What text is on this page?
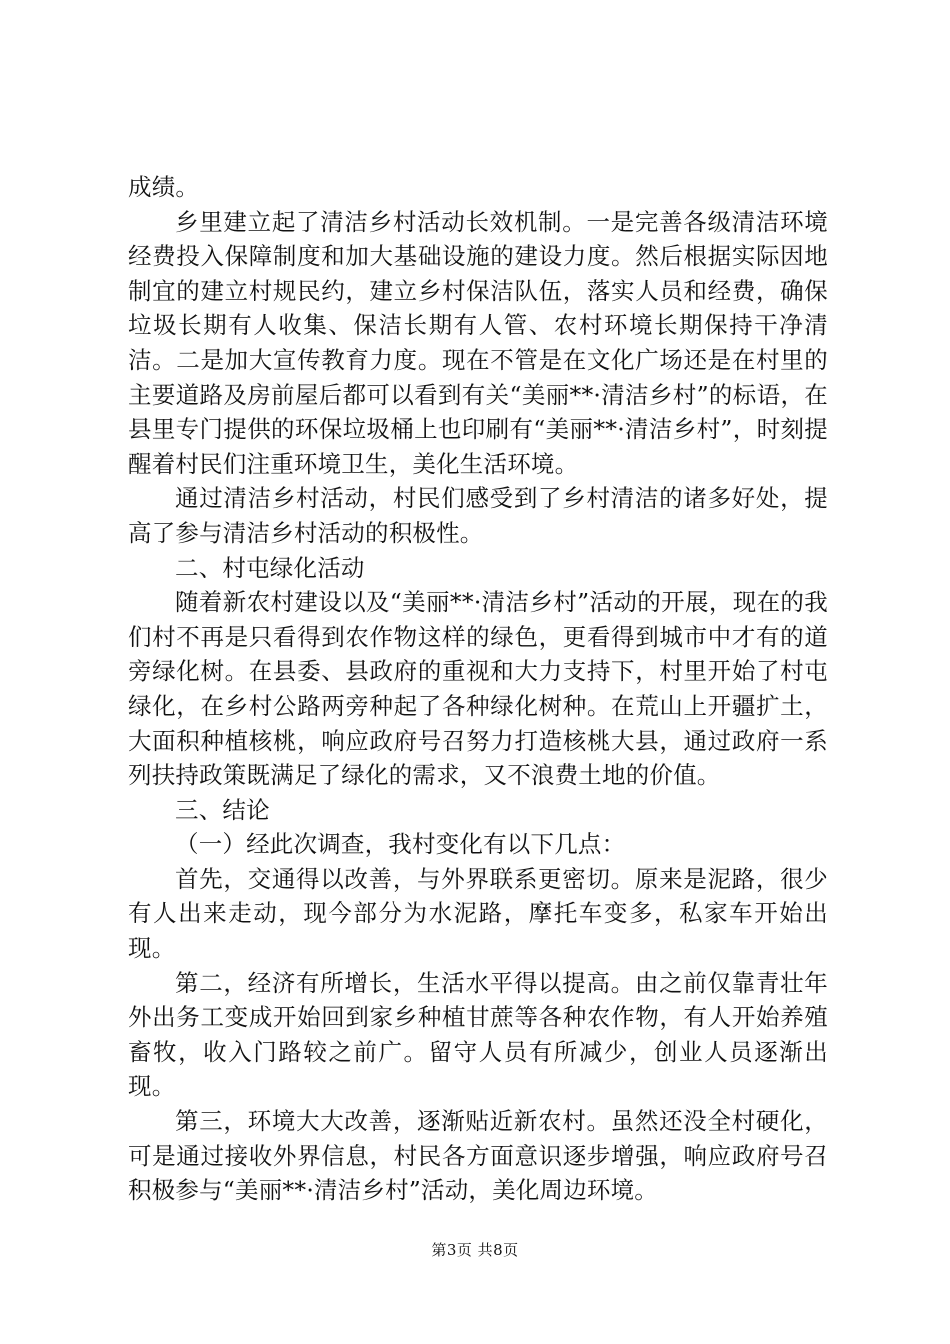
成绩。

乡里建立起了清洁乡村活动长效机制。一是完善各级清洁环境经费投入保障制度和加大基础设施的建设力度。然后根据实际因地制宜的建立村规民约，建立乡村保洁队伍，落实人员和经费，确保垃圾长期有人收集、保洁长期有人管、农村环境长期保持干净清洁。二是加大宣传教育力度。现在不管是在文化广场还是在村里的主要道路及房前屋后都可以看到有关“美丽**·清洁乡村”的标语，在县里专门提供的环保垃圾桶上也印刷有“美丽**·清洁乡村”，时刻提醒着村民们注重环境卫生，美化生活环境。

通过清洁乡村活动，村民们感受到了乡村清洁的诸多好处，提高了参与清洁乡村活动的积极性。

二、村屯绿化活动

随着新农村建设以及“美丽**·清洁乡村”活动的开展，现在的我们村不再是只看得到农作物这样的绿色，更看得到城市中才有的道旁绿化树。在县委、县政府的重视和大力支持下，村里开始了村屯绿化，在乡村公路两旁种起了各种绿化树种。在荒山上开疆扩土，大面积种植核桃，响应政府号召努力打造核桃大县，通过政府一系列扶持政策既满足了绿化的需求，又不浪费土地的价值。

三、结论

（一）经此次调查，我村变化有以下几点：

首先，交通得以改善，与外界联系更密切。原来是泥路，很少有人出来走动，现今部分为水泥路，摩托车变多，私家车开始出现。

第二，经济有所增长，生活水平得以提高。由之前仅靠青壮年外出务工变成开始回到家乡种植甘蔗等各种农作物，有人开始养殖畜牧，收入门路较之前广。留守人员有所减少，创业人员逐渐出现。

第三，环境大大改善，逐渐贴近新农村。虽然还没全村硬化，可是通过接收外界信息，村民各方面意识逐步增强，响应政府号召积极参与“美丽**·清洁乡村”活动，美化周边环境。

第3页 共8页
